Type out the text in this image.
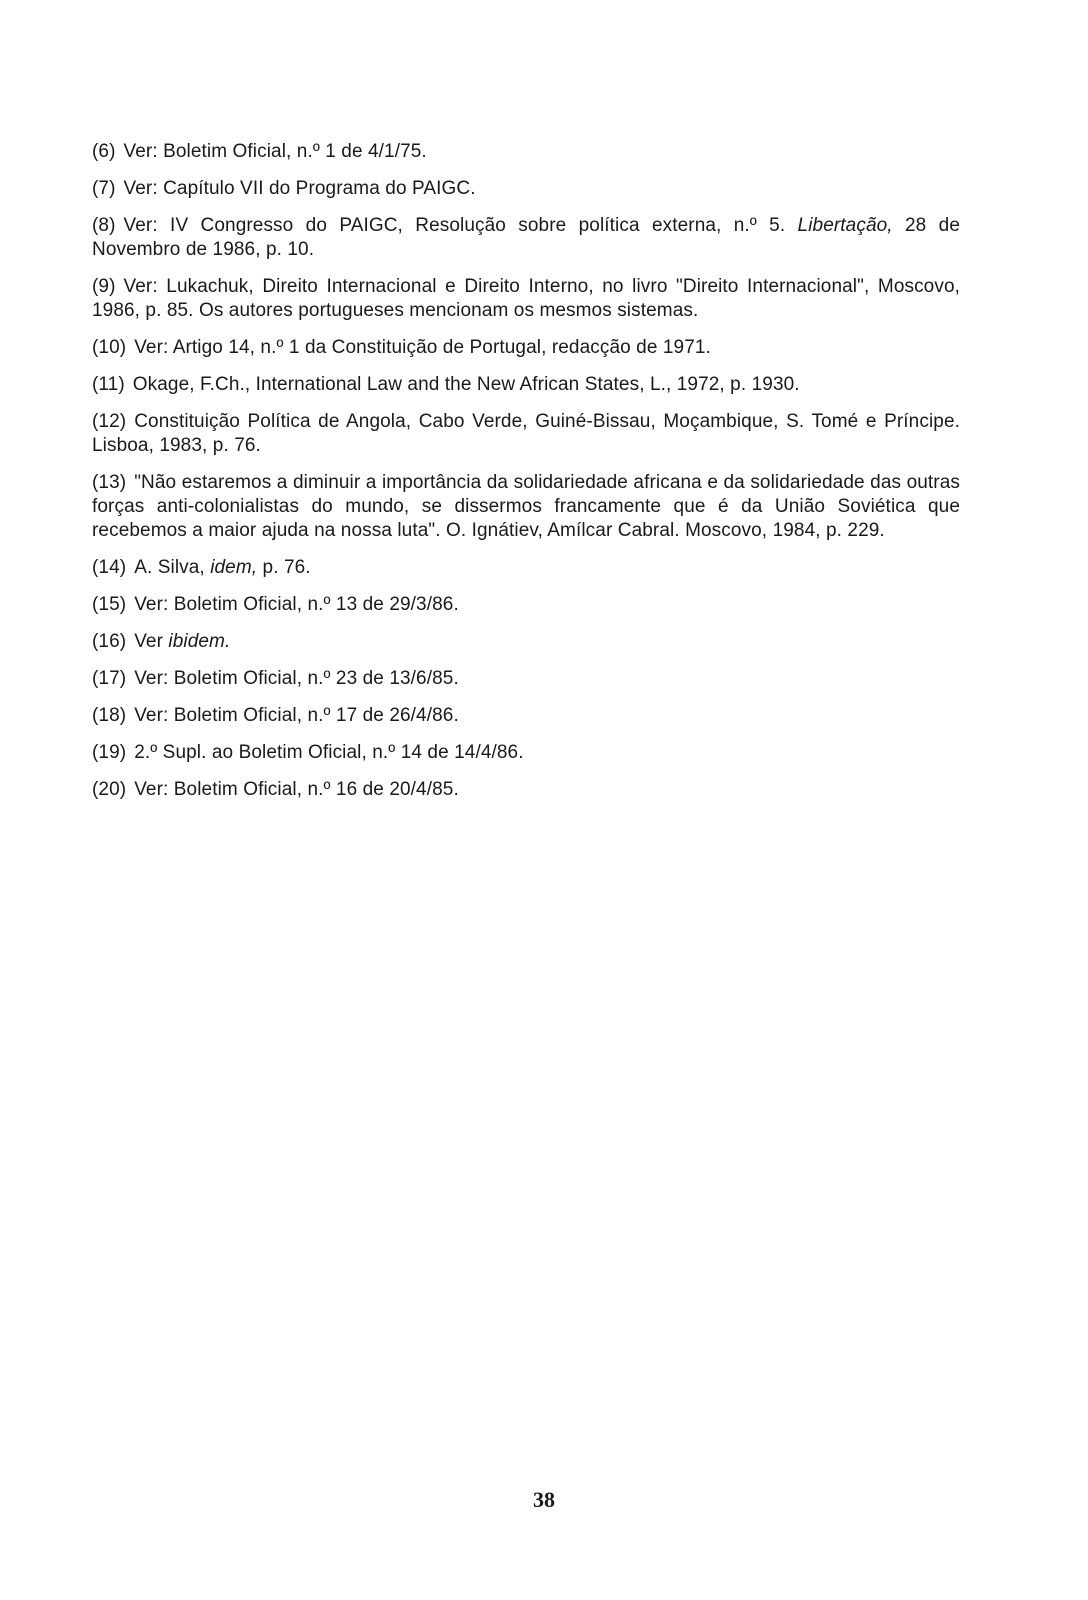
(6) Ver: Boletim Oficial, n.º 1 de 4/1/75.
(7) Ver: Capítulo VII do Programa do PAIGC.
(8) Ver: IV Congresso do PAIGC, Resolução sobre política externa, n.º 5. Libertação, 28 de Novembro de 1986, p. 10.
(9) Ver: Lukachuk, Direito Internacional e Direito Interno, no livro "Direito Internacional", Moscovo, 1986, p. 85. Os autores portugueses mencionam os mesmos sistemas.
(10) Ver: Artigo 14, n.º 1 da Constituição de Portugal, redacção de 1971.
(11) Okage, F.Ch., International Law and the New African States, L., 1972, p. 1930.
(12) Constituição Política de Angola, Cabo Verde, Guiné-Bissau, Moçambique, S. Tomé e Príncipe. Lisboa, 1983, p. 76.
(13) "Não estaremos a diminuir a importância da solidariedade africana e da solidariedade das outras forças anti-colonialistas do mundo, se dissermos francamente que é da União Soviética que recebemos a maior ajuda na nossa luta". O. Ignátiev, Amílcar Cabral. Moscovo, 1984, p. 229.
(14) A. Silva, idem, p. 76.
(15) Ver: Boletim Oficial, n.º 13 de 29/3/86.
(16) Ver ibidem.
(17) Ver: Boletim Oficial, n.º 23 de 13/6/85.
(18) Ver: Boletim Oficial, n.º 17 de 26/4/86.
(19) 2.º Supl. ao Boletim Oficial, n.º 14 de 14/4/86.
(20) Ver: Boletim Oficial, n.º 16 de 20/4/85.
38
